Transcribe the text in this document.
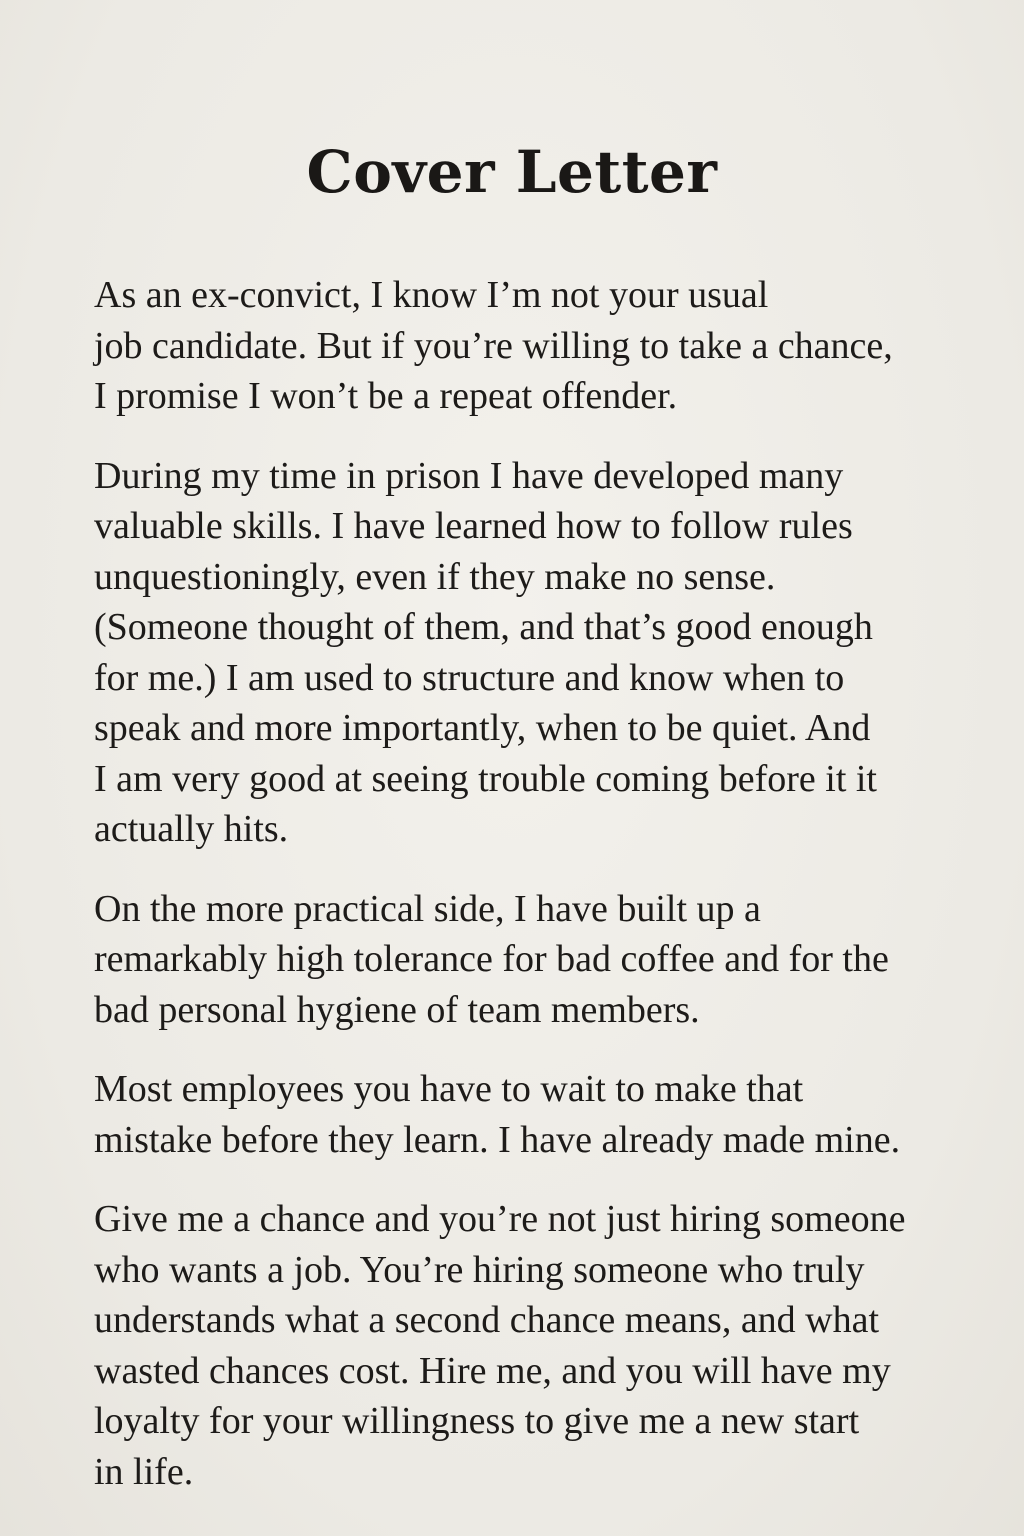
Cover Letter

As an ex-convict, I know I’m not your usual
job candidate. But if you’re willing to take a chance,
I promise I won’t be a repeat offender.

During my time in prison I have developed many
valuable skills. I have learned how to follow rules
unquestioningly, even if they make no sense.
(Someone thought of them, and that’s good enough
for me.) I am used to structure and know when to
speak and more importantly, when to be quiet. And
I am very good at seeing trouble coming before it it
actually hits.

On the more practical side, I have built up a
remarkably high tolerance for bad coffee and for the
bad personal hygiene of team members.

Most employees you have to wait to make that
mistake before they learn. I have already made mine.

Give me a chance and you’re not just hiring someone
who wants a job. You’re hiring someone who truly
understands what a second chance means, and what
wasted chances cost. Hire me, and you will have my
loyalty for your willingness to give me a new start
in life.
